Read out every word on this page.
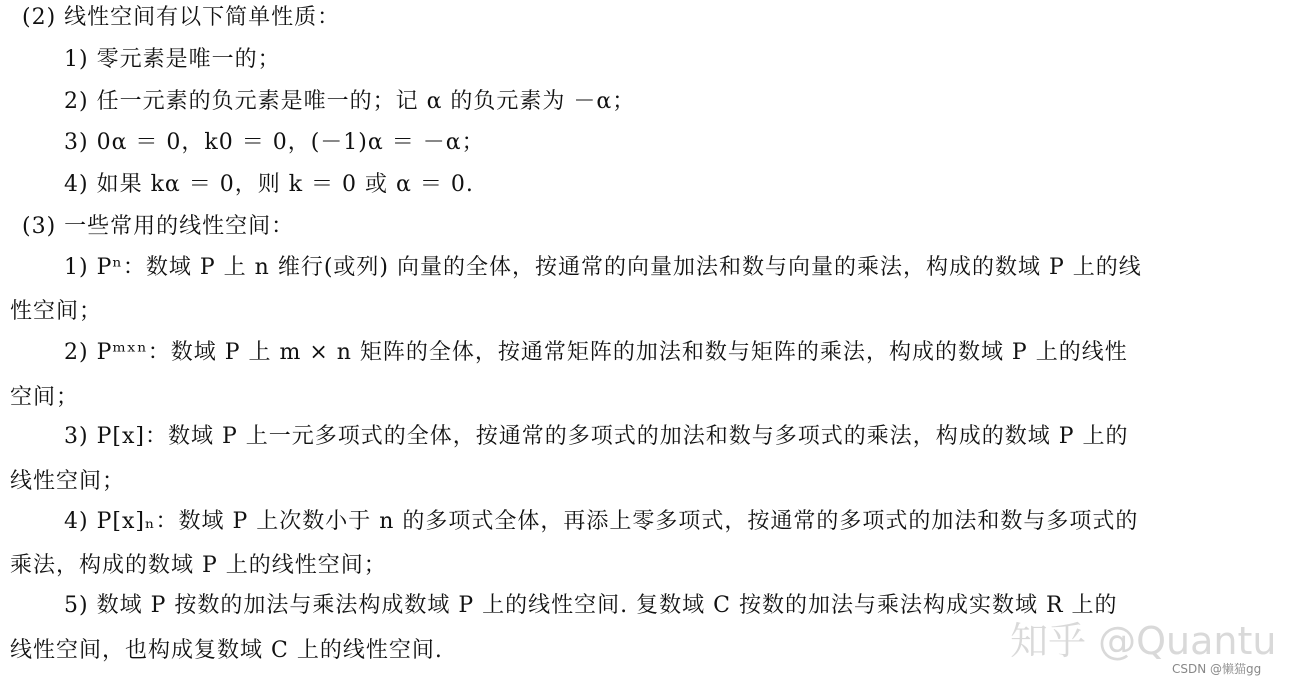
(2) 线性空间有以下简单性质：
1) 零元素是唯一的；
2) 任一元素的负元素是唯一的；记 α 的负元素为 －α；
3) 0α ＝ 0，k0 ＝ 0，(－1)α ＝ －α；
4) 如果 kα ＝ 0，则 k ＝ 0 或 α ＝ 0.
(3) 一些常用的线性空间：
1) Pⁿ：数域 P 上 n 维行(或列) 向量的全体，按通常的向量加法和数与向量的乘法，构成的数域 P 上的线
性空间；
2) Pᵐˣⁿ：数域 P 上 m × n 矩阵的全体，按通常矩阵的加法和数与矩阵的乘法，构成的数域 P 上的线性
空间；
3) P[x]：数域 P 上一元多项式的全体，按通常的多项式的加法和数与多项式的乘法，构成的数域 P 上的
线性空间；
4) P[x]ₙ：数域 P 上次数小于 n 的多项式全体，再添上零多项式，按通常的多项式的加法和数与多项式的
乘法，构成的数域 P 上的线性空间；
5) 数域 P 按数的加法与乘法构成数域 P 上的线性空间. 复数域 C 按数的加法与乘法构成实数域 R 上的
线性空间，也构成复数域 C 上的线性空间.	知乎 @Quantu
CSDN @懒猫gg
